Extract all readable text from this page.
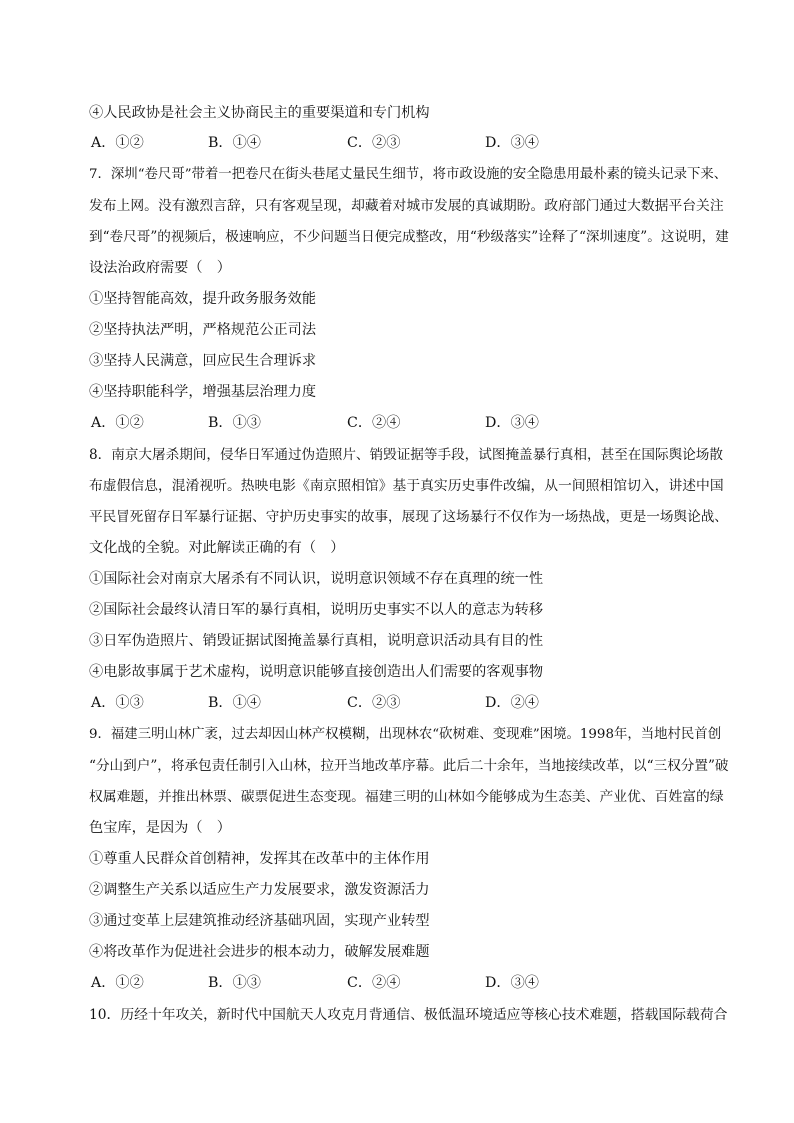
④人民政协是社会主义协商民主的重要渠道和专门机构
A．①②	B．①④	C．②③	D．③④
7．深圳“卷尺哥”带着一把卷尺在街头巷尾丈量民生细节，将市政设施的安全隐患用最朴素的镜头记录下来、
发布上网。没有激烈言辞，只有客观呈现，却藏着对城市发展的真诚期盼。政府部门通过大数据平台关注
到“卷尺哥”的视频后，极速响应，不少问题当日便完成整改，用“秒级落实”诠释了“深圳速度”。这说明，建
设法治政府需要（　）
①坚持智能高效，提升政务服务效能
②坚持执法严明，严格规范公正司法
③坚持人民满意，回应民生合理诉求
④坚持职能科学，增强基层治理力度
A．①②	B．①③	C．②④	D．③④
8．南京大屠杀期间，侵华日军通过伪造照片、销毁证据等手段，试图掩盖暴行真相，甚至在国际舆论场散
布虚假信息，混淆视听。热映电影《南京照相馆》基于真实历史事件改编，从一间照相馆切入，讲述中国
平民冒死留存日军暴行证据、守护历史事实的故事，展现了这场暴行不仅作为一场热战，更是一场舆论战、
文化战的全貌。对此解读正确的有（　）
①国际社会对南京大屠杀有不同认识，说明意识领域不存在真理的统一性
②国际社会最终认清日军的暴行真相，说明历史事实不以人的意志为转移
③日军伪造照片、销毁证据试图掩盖暴行真相，说明意识活动具有目的性
④电影故事属于艺术虚构，说明意识能够直接创造出人们需要的客观事物
A．①③	B．①④	C．②③	D．②④
9．福建三明山林广袤，过去却因山林产权模糊，出现林农“砍树难、变现难”困境。1998年，当地村民首创
“分山到户”，将承包责任制引入山林，拉开当地改革序幕。此后二十余年，当地接续改革，以“三权分置”破
权属难题，并推出林票、碳票促进生态变现。福建三明的山林如今能够成为生态美、产业优、百姓富的绿
色宝库，是因为（　）
①尊重人民群众首创精神，发挥其在改革中的主体作用
②调整生产关系以适应生产力发展要求，激发资源活力
③通过变革上层建筑推动经济基础巩固，实现产业转型
④将改革作为促进社会进步的根本动力，破解发展难题
A．①②	B．①③	C．②④	D．③④
10．历经十年攻关，新时代中国航天人攻克月背通信、极低温环境适应等核心技术难题，搭载国际载荷合
